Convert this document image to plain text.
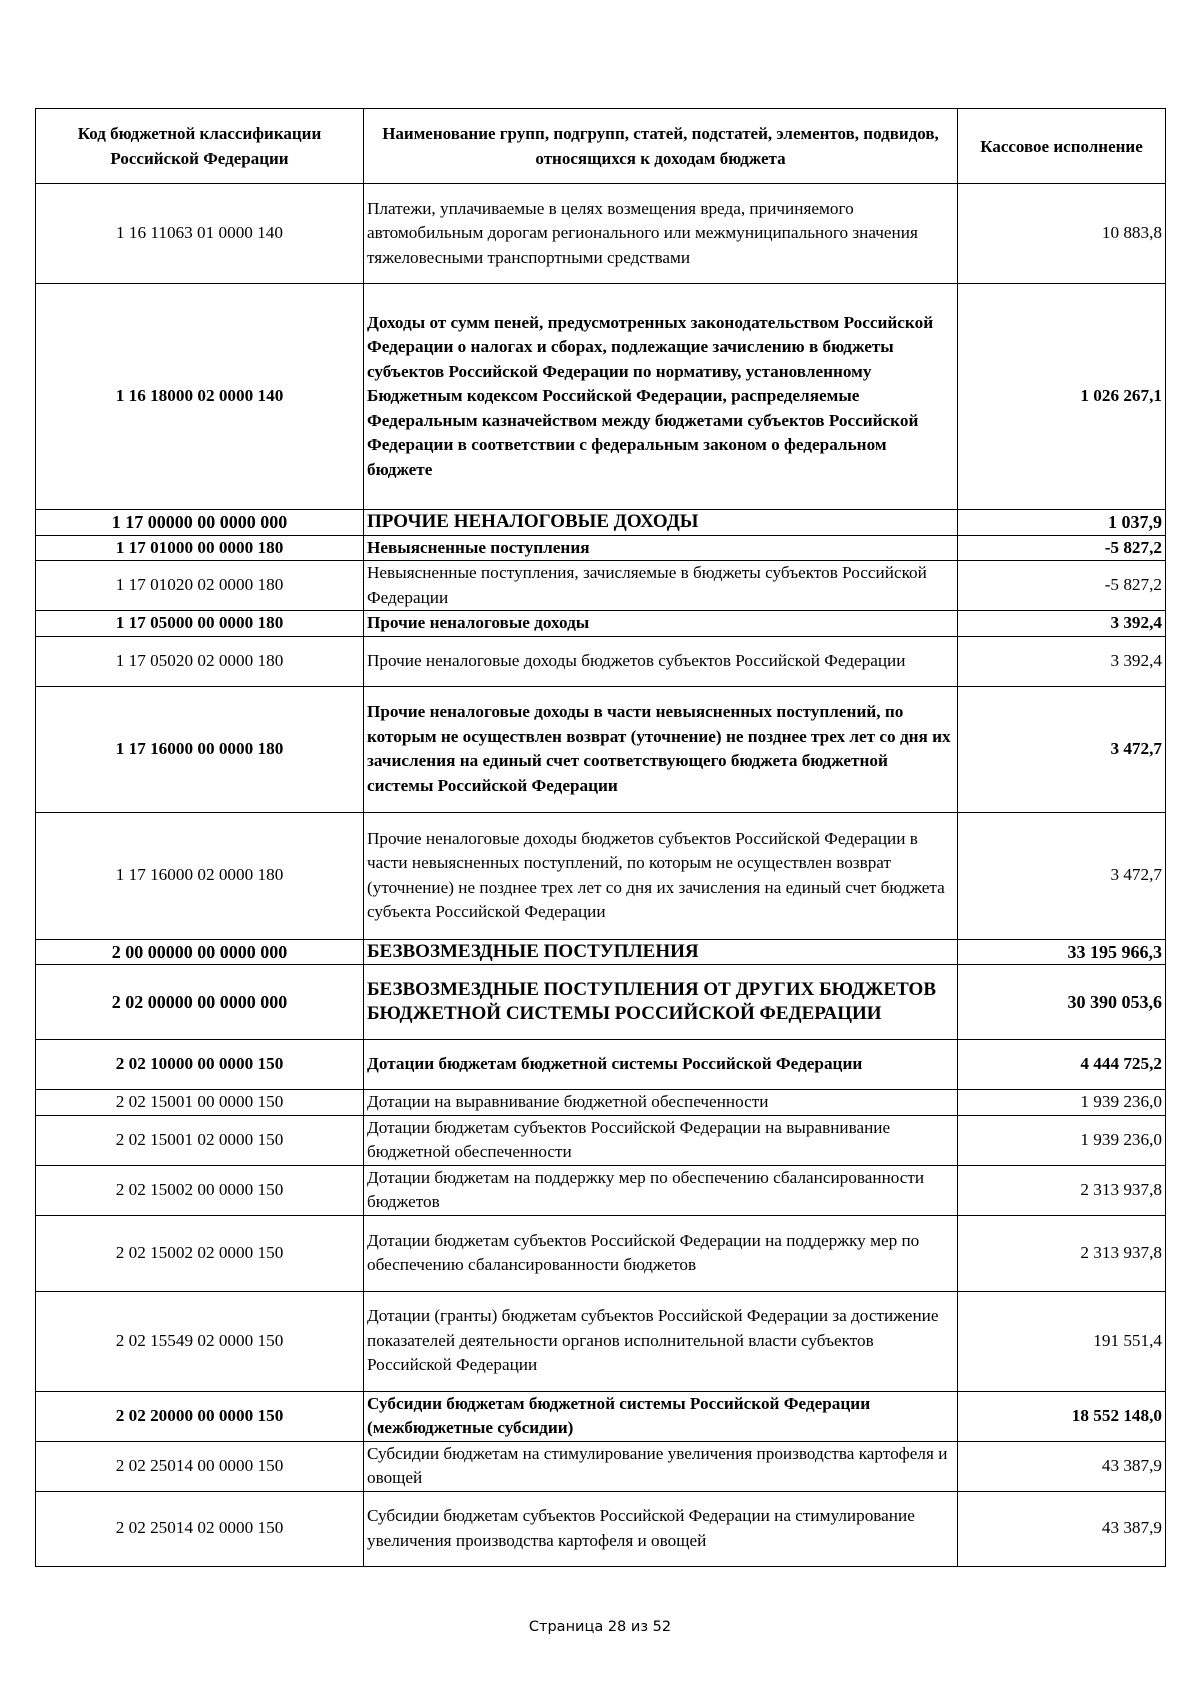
Код бюджетной классификации Российской Федерации	Наименование групп, подгрупп, статей, подстатей, элементов, подвидов, относящихся к доходам бюджета	Кассовое исполнение
1 16 11063 01 0000 140	Платежи, уплачиваемые в целях возмещения вреда, причиняемого автомобильным дорогам регионального или межмуниципального значения тяжеловесными транспортными средствами	10 883,8
1 16 18000 02 0000 140	Доходы от сумм пеней, предусмотренных законодательством Российской Федерации о налогах и сборах, подлежащие зачислению в бюджеты субъектов Российской Федерации по нормативу, установленному Бюджетным кодексом Российской Федерации, распределяемые Федеральным казначейством между бюджетами субъектов Российской Федерации в соответствии с федеральным законом о федеральном бюджете	1 026 267,1
1 17 00000 00 0000 000	ПРОЧИЕ НЕНАЛОГОВЫЕ ДОХОДЫ	1 037,9
1 17 01000 00 0000 180	Невыясненные поступления	-5 827,2
1 17 01020 02 0000 180	Невыясненные поступления, зачисляемые в бюджеты субъектов Российской Федерации	-5 827,2
1 17 05000 00 0000 180	Прочие неналоговые доходы	3 392,4
1 17 05020 02 0000 180	Прочие неналоговые доходы бюджетов субъектов Российской Федерации	3 392,4
1 17 16000 00 0000 180	Прочие неналоговые доходы в части невыясненных поступлений, по которым не осуществлен возврат (уточнение) не позднее трех лет со дня их зачисления на единый счет соответствующего бюджета бюджетной системы Российской Федерации	3 472,7
1 17 16000 02 0000 180	Прочие неналоговые доходы бюджетов субъектов Российской Федерации в части невыясненных поступлений, по которым не осуществлен возврат (уточнение) не позднее трех лет со дня их зачисления на единый счет бюджета субъекта Российской Федерации	3 472,7
2 00 00000 00 0000 000	БЕЗВОЗМЕЗДНЫЕ ПОСТУПЛЕНИЯ	33 195 966,3
2 02 00000 00 0000 000	БЕЗВОЗМЕЗДНЫЕ ПОСТУПЛЕНИЯ ОТ ДРУГИХ БЮДЖЕТОВ БЮДЖЕТНОЙ СИСТЕМЫ РОССИЙСКОЙ ФЕДЕРАЦИИ	30 390 053,6
2 02 10000 00 0000 150	Дотации бюджетам бюджетной системы Российской Федерации	4 444 725,2
2 02 15001 00 0000 150	Дотации на выравнивание бюджетной обеспеченности	1 939 236,0
2 02 15001 02 0000 150	Дотации бюджетам субъектов Российской Федерации на выравнивание бюджетной обеспеченности	1 939 236,0
2 02 15002 00 0000 150	Дотации бюджетам на поддержку мер по обеспечению сбалансированности бюджетов	2 313 937,8
2 02 15002 02 0000 150	Дотации бюджетам субъектов Российской Федерации на поддержку мер по обеспечению сбалансированности бюджетов	2 313 937,8
2 02 15549 02 0000 150	Дотации (гранты) бюджетам субъектов Российской Федерации за достижение показателей деятельности органов исполнительной власти субъектов Российской Федерации	191 551,4
2 02 20000 00 0000 150	Субсидии бюджетам бюджетной системы Российской Федерации (межбюджетные субсидии)	18 552 148,0
2 02 25014 00 0000 150	Субсидии бюджетам на стимулирование увеличения производства картофеля и овощей	43 387,9
2 02 25014 02 0000 150	Субсидии бюджетам субъектов Российской Федерации на стимулирование увеличения производства картофеля и овощей	43 387,9
Страница 28 из 52
